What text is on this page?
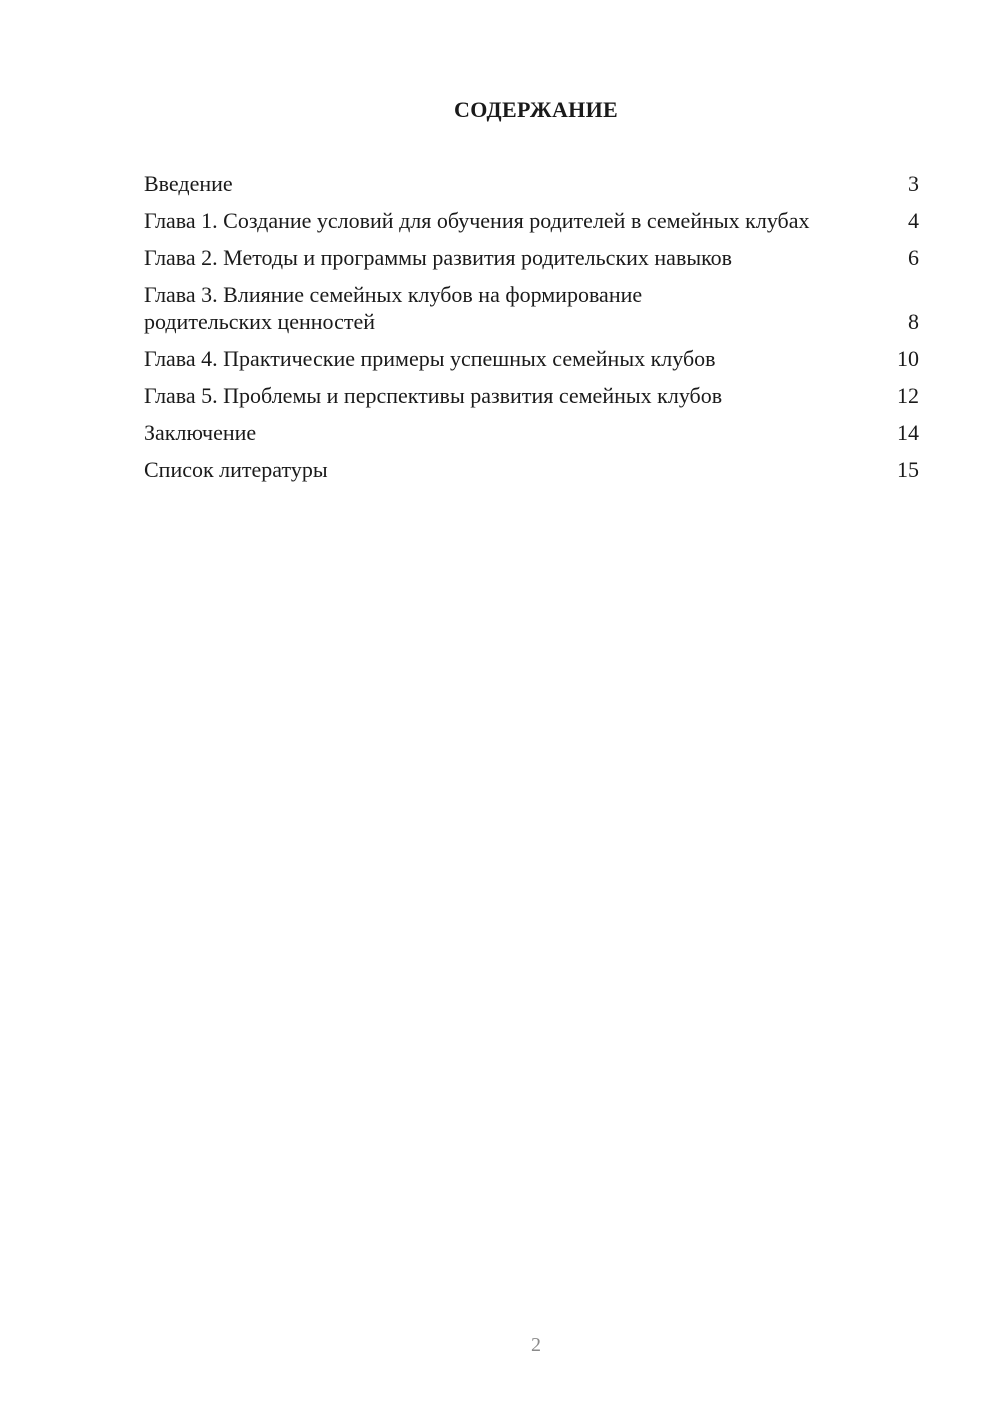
СОДЕРЖАНИЕ
Введение	3
Глава 1. Создание условий для обучения родителей в семейных клубах	4
Глава 2. Методы и программы развития родительских навыков	6
Глава 3. Влияние семейных клубов на формирование родительских ценностей	8
Глава 4. Практические примеры успешных семейных клубов	10
Глава 5. Проблемы и перспективы развития семейных клубов	12
Заключение	14
Список литературы	15
2
